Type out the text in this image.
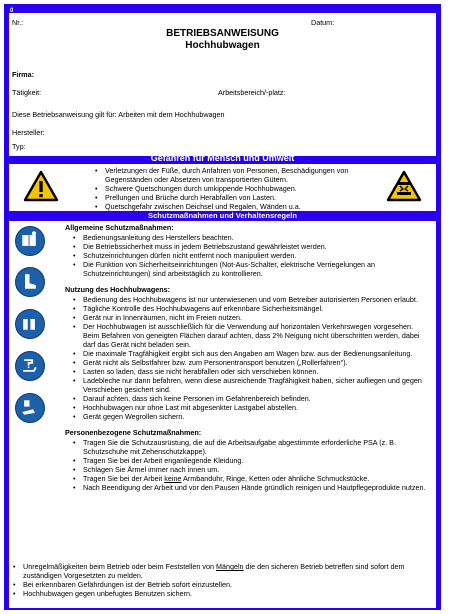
0
Nr.:	Datum:
BETRIEBSANWEISUNG
Hochhubwagen
Firma:
Tätigkeit:	Arbeitsbereich/-platz:
Anwendungsbereich
Diese Betriebsanweisung gilt für: Arbeiten mit dem Hochhubwagen
Hersteller:
Typ:
Gefahren für Mensch und Umwelt
• Verletzungen der Füße, durch Anfahren von Personen, Beschädigungen von Gegenständen oder Absetzen von transportierten Gütern.
• Schwere Quetschungen durch umkippende Hochhubwagen.
• Prellungen und Brüche durch Herabfallen von Lasten.
• Quetschgefahr zwischen Deichsel und Regalen, Wänden u.a.
Schutzmaßnahmen und Verhaltensregeln
Allgemeine Schutzmaßnahmen:
• Bedienungsanleitung des Herstellers beachten.
• Die Betriebssicherheit muss in jedem Betriebszustand gewährleistet werden.
• Schutzeinrichtungen dürfen nicht entfernt noch manipuliert werden.
• Die Funktion von Sicherheitseinrichtungen (Not-Aus-Schalter, elektrische Verriegelungen an Schutzeinrichtungen) sind arbeitstäglich zu kontrollieren.
Nutzung des Hochhubwagens:
• Bedienung des Hochhubwagens ist nur unterwiesenen und vom Betreiber autorisierten Personen erlaubt.
• Tägliche Kontrolle des Hochhubwagens auf erkennbare Sicherheitsmängel.
• Gerät nur in Innenräumen, nicht im Freien nutzen.
• Der Hochhubwagen ist ausschließlich für die Verwendung auf horizontalen Verkehrswegen vorgesehen. Beim Befahren von geneigten Flächen darauf achten, dass 2% Neigung nicht überschritten werden, dabei darf das Gerät nicht beladen sein.
• Die maximale Tragfähigkeit ergibt sich aus den Angaben am Wagen bzw. aus der Bedienungsanleitung.
• Gerät nicht als Selbstfahrer bzw. zum Personentransport benutzen („Rollerfahren").
• Lasten so laden, dass sie nicht herabfallen oder sich verschieben können.
• Ladebleche nur dann befahren, wenn diese ausreichende Tragfähigkeit haben, sicher aufliegen und gegen Verschieben gesichert sind.
• Darauf achten, dass sich keine Personen im Gefahrenbereich befinden.
• Hochhubwagen nur ohne Last mit abgesenkter Lastgabel abstellen.
• Gerät gegen Wegrollen sichern.
Personenbezogene Schutzmaßnahmen:
• Tragen Sie die Schutzausrüstung, die auf die Arbeitsaufgabe abgestimmte erforderliche PSA (z. B. Schutzschuhe mit Zehenschutzkappe).
• Tragen Sie bei der Arbeit enganliegende Kleidung.
• Schlagen Sie Ärmel immer nach innen um.
• Tragen Sie bei der Arbeit keine Armbanduhr, Ringe, Ketten oder ähnliche Schmuckstücke.
• Nach Beendigung der Arbeit und vor den Pausen Hände gründlich reinigen und Hautpflegeprodukte nutzen.
Verhalten bei Störungen
• Unregelmäßigkeiten beim Betrieb oder beim Feststellen von Mängeln die den sicheren Betrieb betreffen sind sofort dem zuständigen Vorgesetzten zu melden.
• Bei erkennbaren Gefährdungen ist der Betrieb sofort einzustellen.
• Hochhubwagen gegen unbefugtes Benutzen sichern.
